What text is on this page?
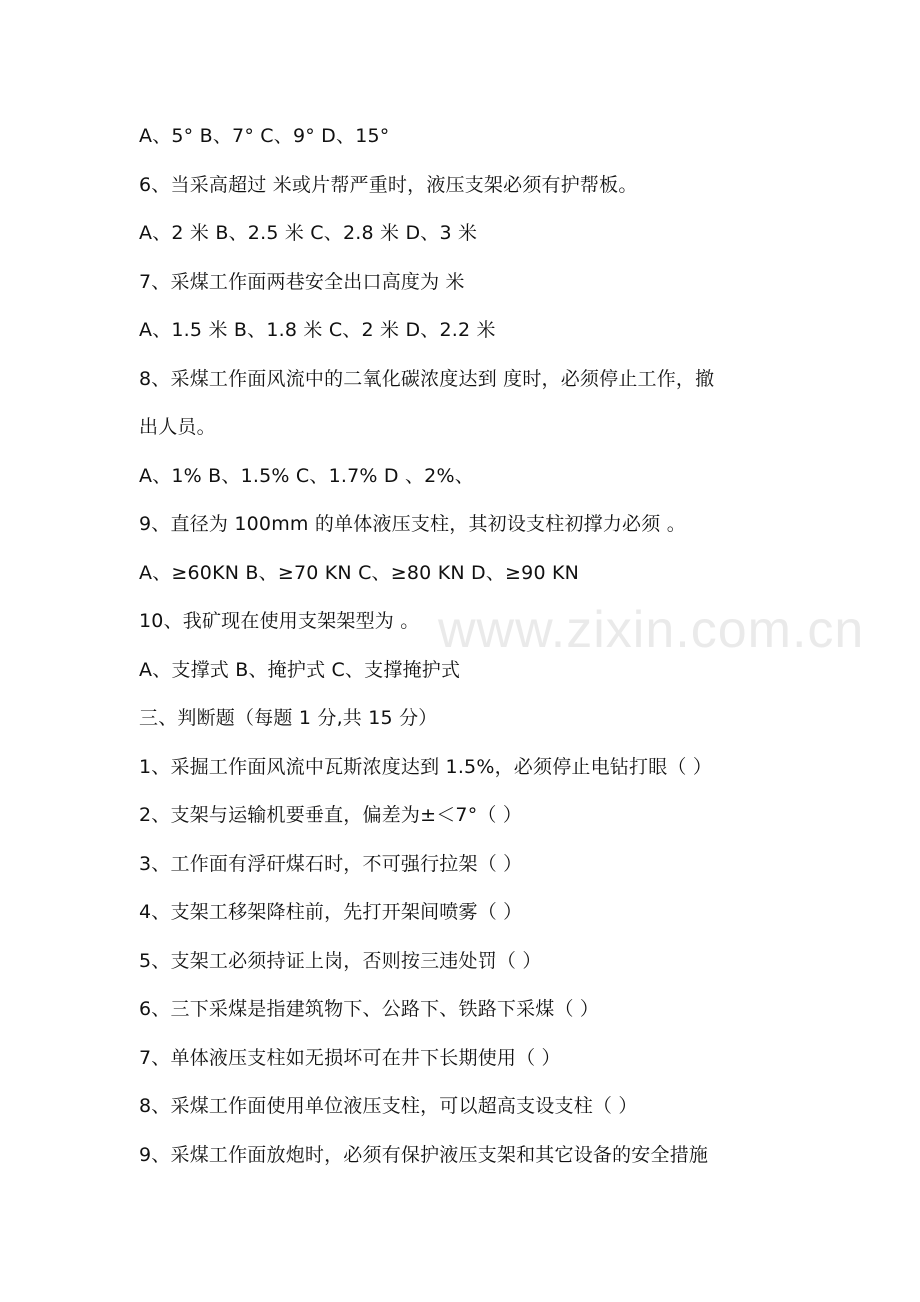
A、5° B、7° C、9° D、15°
6、当采高超过 米或片帮严重时，液压支架必须有护帮板。
A、2 米 B、2.5 米 C、2.8 米 D、3 米
7、采煤工作面两巷安全出口高度为 米
A、1.5 米 B、1.8 米 C、2 米 D、2.2 米
8、采煤工作面风流中的二氧化碳浓度达到 度时，必须停止工作，撤
出人员。
A、1% B、1.5% C、1.7% D 、2%、
9、直径为 100mm 的单体液压支柱，其初设支柱初撑力必须 。
A、≥60KN B、≥70 KN C、≥80 KN D、≥90 KN
10、我矿现在使用支架架型为 。
A、支撑式 B、掩护式 C、支撑掩护式
三、判断题（每题 1 分,共 15 分）
1、采掘工作面风流中瓦斯浓度达到 1.5%，必须停止电钻打眼（ ）
2、支架与运输机要垂直，偏差为±＜7°（ ）
3、工作面有浮矸煤石时，不可强行拉架（ ）
4、支架工移架降柱前，先打开架间喷雾（ ）
5、支架工必须持证上岗，否则按三违处罚（ ）
6、三下采煤是指建筑物下、公路下、铁路下采煤（ ）
7、单体液压支柱如无损坏可在井下长期使用（ ）
8、采煤工作面使用单位液压支柱，可以超高支设支柱（ ）
9、采煤工作面放炮时，必须有保护液压支架和其它设备的安全措施
www.zixin.com.cn
